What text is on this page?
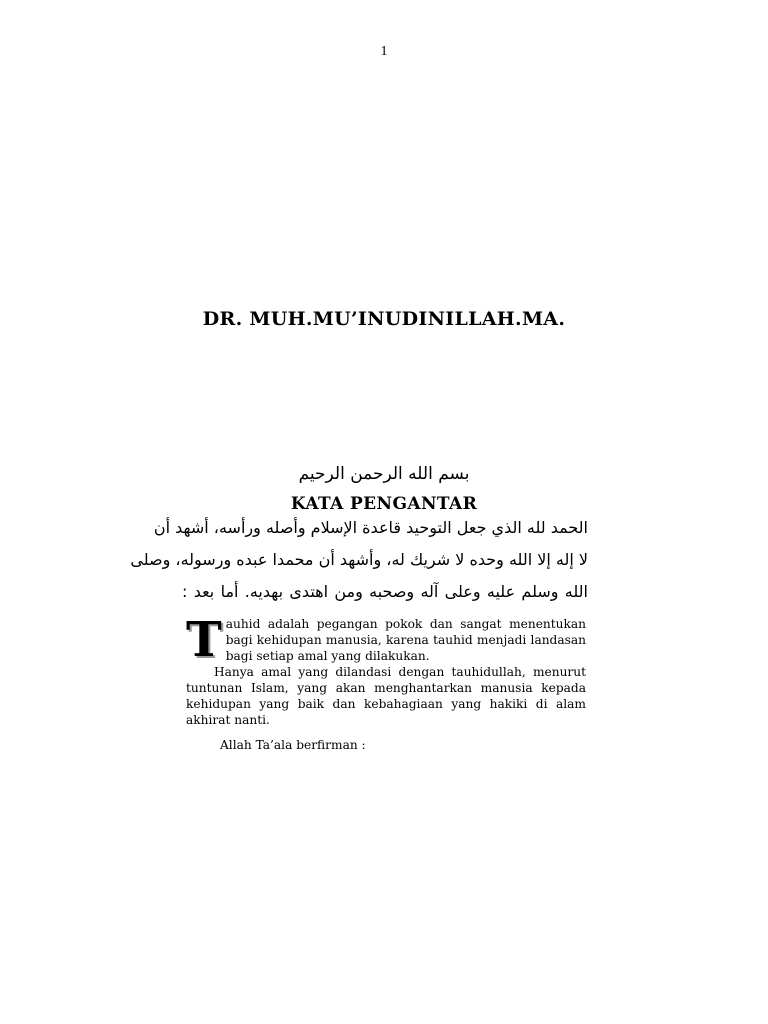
1
DR. MUH.MU’INUDINILLAH.MA.
بسم الله الرحمن الرحيم
KATA PENGANTAR
الحمد لله الذي جعل التوحيد قاعدة الإسلام وأصله ورأسه، أشهد أن
لا إله إلا الله وحده لا شريك له، وأشهد أن محمدا عبده ورسوله، وصلى
الله وسلم عليه وعلى آله وصحبه ومن اهتدى بهديه. أما بعد :

T auhid adalah pegangan pokok dan sangat menentukan bagi kehidupan manusia, karena tauhid menjadi landasan bagi setiap amal yang dilakukan.

Hanya amal yang dilandasi dengan tauhidullah, menurut tuntunan Islam, yang akan menghantarkan manusia kepada kehidupan yang baik dan kebahagiaan yang hakiki di alam akhirat nanti.

Allah Ta’ala berfirman :
